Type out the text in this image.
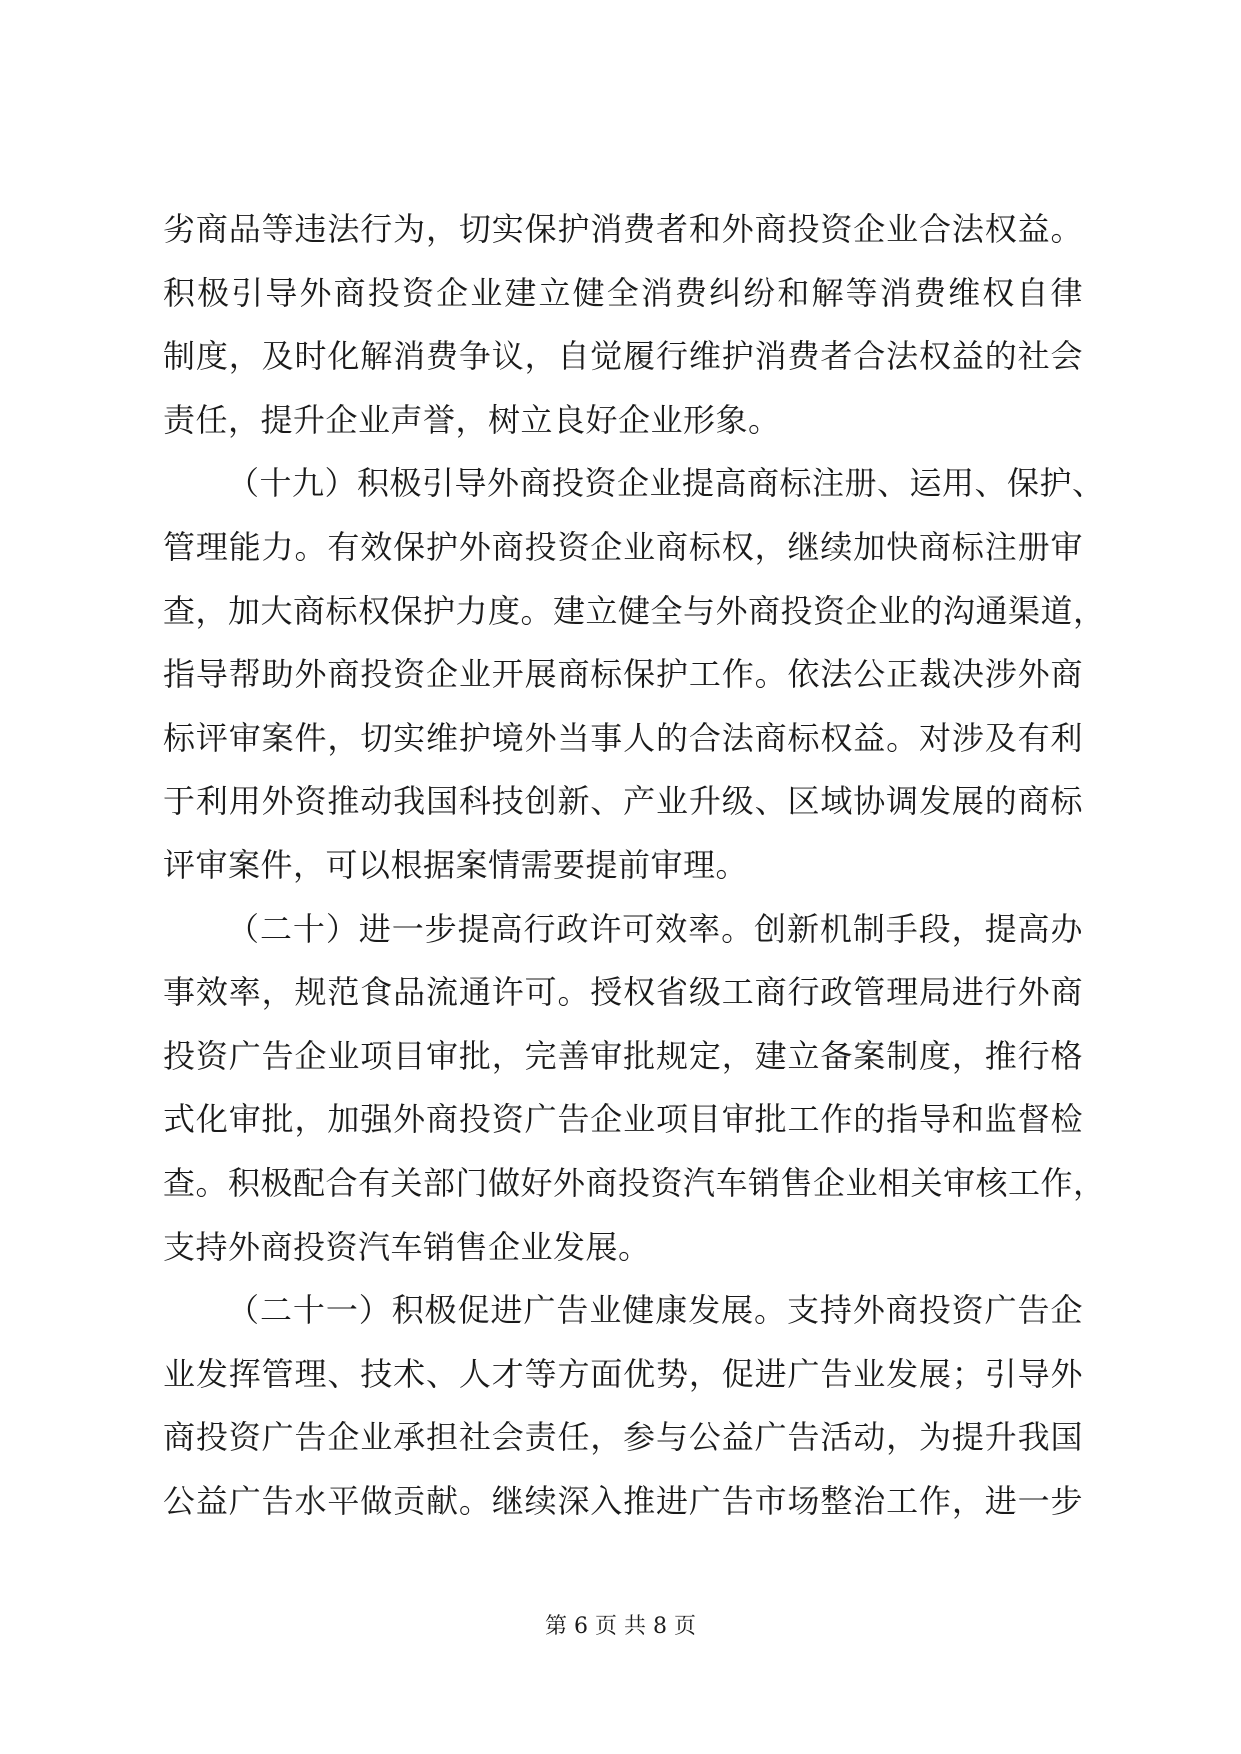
劣商品等违法行为，切实保护消费者和外商投资企业合法权益。
积极引导外商投资企业建立健全消费纠纷和解等消费维权自律
制度，及时化解消费争议，自觉履行维护消费者合法权益的社会
责任，提升企业声誉，树立良好企业形象。
（十九）积极引导外商投资企业提高商标注册、运用、保护、
管理能力。有效保护外商投资企业商标权，继续加快商标注册审
查，加大商标权保护力度。建立健全与外商投资企业的沟通渠道，
指导帮助外商投资企业开展商标保护工作。依法公正裁决涉外商
标评审案件，切实维护境外当事人的合法商标权益。对涉及有利
于利用外资推动我国科技创新、产业升级、区域协调发展的商标
评审案件，可以根据案情需要提前审理。
（二十）进一步提高行政许可效率。创新机制手段，提高办
事效率，规范食品流通许可。授权省级工商行政管理局进行外商
投资广告企业项目审批，完善审批规定，建立备案制度，推行格
式化审批，加强外商投资广告企业项目审批工作的指导和监督检
查。积极配合有关部门做好外商投资汽车销售企业相关审核工作，
支持外商投资汽车销售企业发展。
（二十一）积极促进广告业健康发展。支持外商投资广告企
业发挥管理、技术、人才等方面优势，促进广告业发展；引导外
商投资广告企业承担社会责任，参与公益广告活动，为提升我国
公益广告水平做贡献。继续深入推进广告市场整治工作，进一步
第 6 页 共 8 页
